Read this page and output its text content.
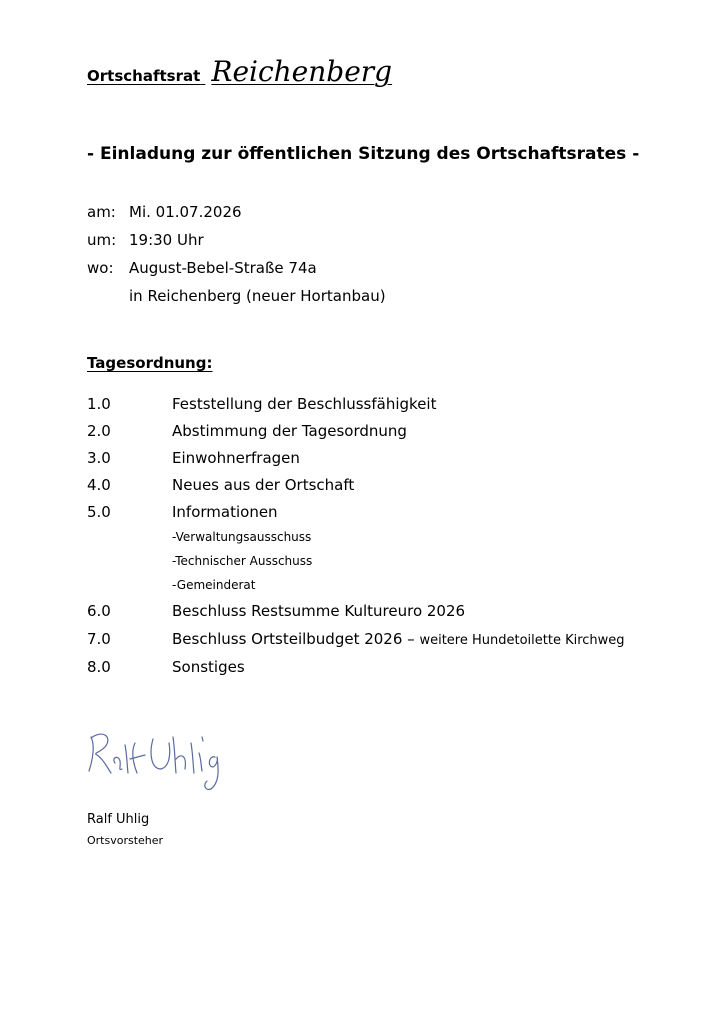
Ortschaftsrat Reichenberg
- Einladung zur öffentlichen Sitzung des Ortschaftsrates -
am: Mi. 01.07.2026
um: 19:30 Uhr
wo: August-Bebel-Straße 74a
in Reichenberg (neuer Hortanbau)
Tagesordnung:
1.0	Feststellung der Beschlussfähigkeit
2.0	Abstimmung der Tagesordnung
3.0	Einwohnerfragen
4.0	Neues aus der Ortschaft
5.0	Informationen
-Verwaltungsausschuss
-Technischer Ausschuss
-Gemeinderat
6.0	Beschluss Restsumme Kultureuro 2026
7.0	Beschluss Ortsteilbudget 2026 – weitere Hundetoilette Kirchweg
8.0	Sonstiges
Ralf Uhlig
Ortsvorsteher
